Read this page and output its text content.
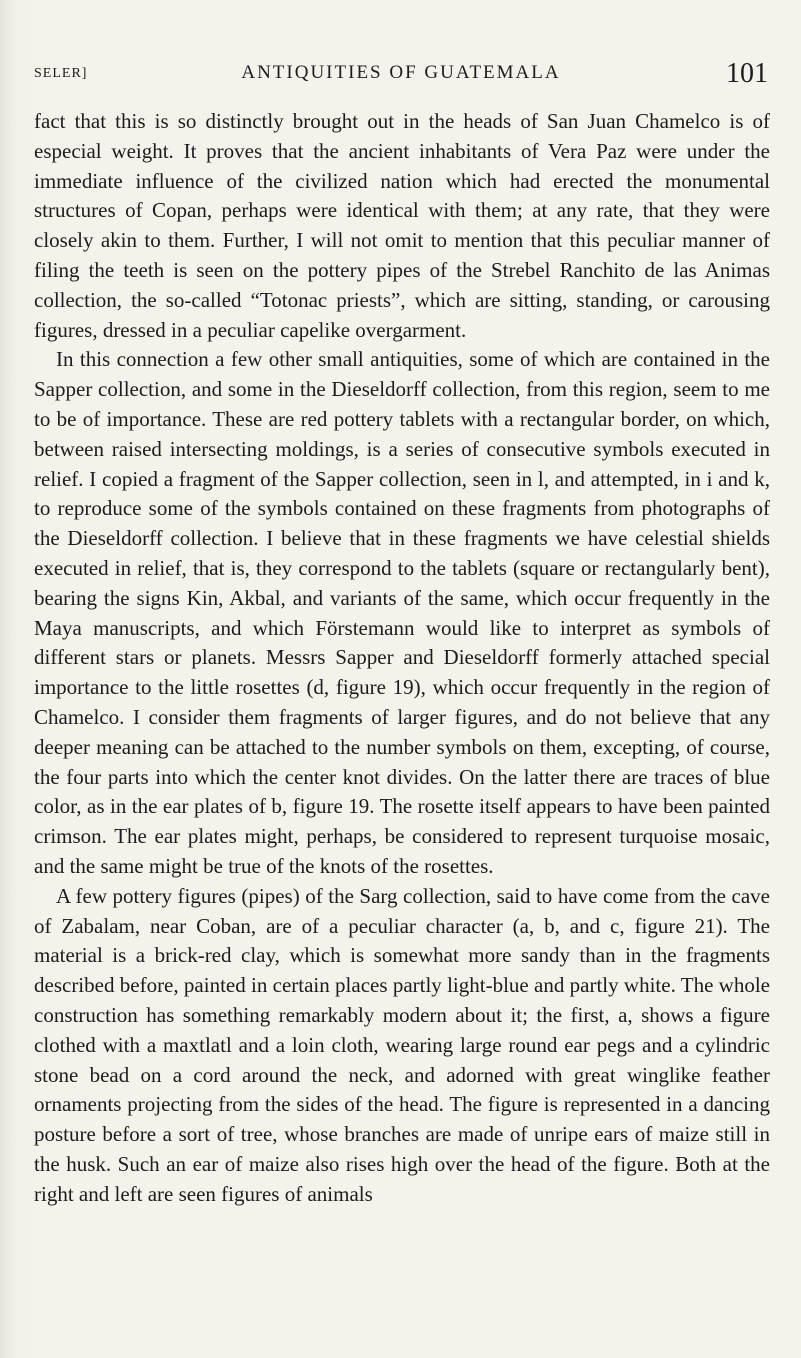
SELER]	ANTIQUITIES OF GUATEMALA	101

fact that this is so distinctly brought out in the heads of San Juan Chamelco is of especial weight. It proves that the ancient inhabitants of Vera Paz were under the immediate influence of the civilized nation which had erected the monumental structures of Copan, perhaps were identical with them; at any rate, that they were closely akin to them. Further, I will not omit to mention that this peculiar manner of filing the teeth is seen on the pottery pipes of the Strebel Ranchito de las Animas collection, the so-called “Totonac priests”, which are sitting, standing, or carousing figures, dressed in a peculiar capelike overgarment.

In this connection a few other small antiquities, some of which are contained in the Sapper collection, and some in the Dieseldorff collection, from this region, seem to me to be of importance. These are red pottery tablets with a rectangular border, on which, between raised intersecting moldings, is a series of consecutive symbols executed in relief. I copied a fragment of the Sapper collection, seen in l, and attempted, in i and k, to reproduce some of the symbols contained on these fragments from photographs of the Dieseldorff collection. I believe that in these fragments we have celestial shields executed in relief, that is, they correspond to the tablets (square or rectangularly bent), bearing the signs Kin, Akbal, and variants of the same, which occur frequently in the Maya manuscripts, and which Förstemann would like to interpret as symbols of different stars or planets. Messrs Sapper and Dieseldorff formerly attached special importance to the little rosettes (d, figure 19), which occur frequently in the region of Chamelco. I consider them fragments of larger figures, and do not believe that any deeper meaning can be attached to the number symbols on them, excepting, of course, the four parts into which the center knot divides. On the latter there are traces of blue color, as in the ear plates of b, figure 19. The rosette itself appears to have been painted crimson. The ear plates might, perhaps, be considered to represent turquoise mosaic, and the same might be true of the knots of the rosettes.

A few pottery figures (pipes) of the Sarg collection, said to have come from the cave of Zabalam, near Coban, are of a peculiar character (a, b, and c, figure 21). The material is a brick-red clay, which is somewhat more sandy than in the fragments described before, painted in certain places partly light-blue and partly white. The whole construction has something remarkably modern about it; the first, a, shows a figure clothed with a maxtlatl and a loin cloth, wearing large round ear pegs and a cylindric stone bead on a cord around the neck, and adorned with great winglike feather ornaments projecting from the sides of the head. The figure is represented in a dancing posture before a sort of tree, whose branches are made of unripe ears of maize still in the husk. Such an ear of maize also rises high over the head of the figure. Both at the right and left are seen figures of animals
